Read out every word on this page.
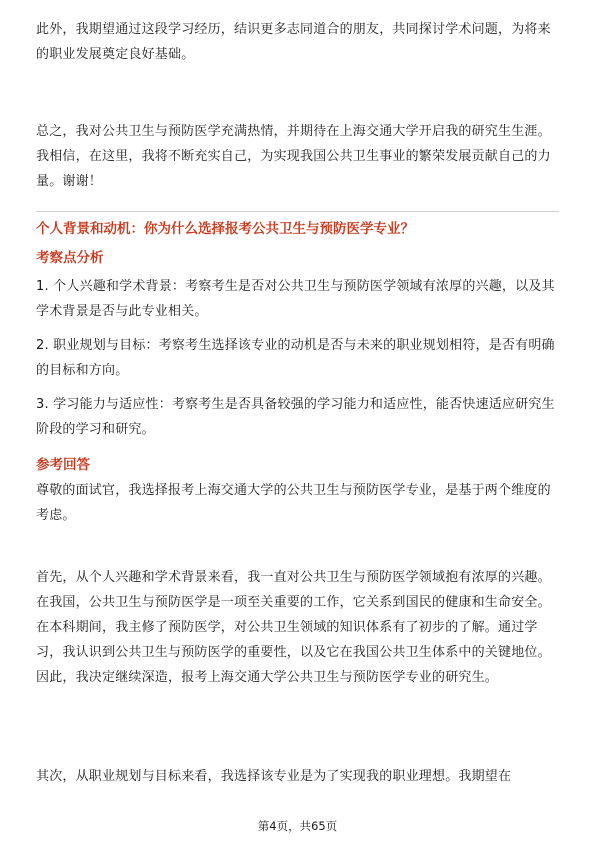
此外，我期望通过这段学习经历，结识更多志同道合的朋友，共同探讨学术问题，为将来的职业发展奠定良好基础。

总之，我对公共卫生与预防医学充满热情，并期待在上海交通大学开启我的研究生生涯。我相信，在这里，我将不断充实自己，为实现我国公共卫生事业的繁荣发展贡献自己的力量。谢谢！

个人背景和动机：你为什么选择报考公共卫生与预防医学专业？

考察点分析

1. 个人兴趣和学术背景：考察考生是否对公共卫生与预防医学领域有浓厚的兴趣，以及其学术背景是否与此专业相关。

2. 职业规划与目标：考察考生选择该专业的动机是否与未来的职业规划相符，是否有明确的目标和方向。

3. 学习能力与适应性：考察考生是否具备较强的学习能力和适应性，能否快速适应研究生阶段的学习和研究。

参考回答

尊敬的面试官，我选择报考上海交通大学的公共卫生与预防医学专业，是基于两个维度的考虑。

首先，从个人兴趣和学术背景来看，我一直对公共卫生与预防医学领域抱有浓厚的兴趣。在我国，公共卫生与预防医学是一项至关重要的工作，它关系到国民的健康和生命安全。在本科期间，我主修了预防医学，对公共卫生领域的知识体系有了初步的了解。通过学习，我认识到公共卫生与预防医学的重要性，以及它在我国公共卫生体系中的关键地位。因此，我决定继续深造，报考上海交通大学公共卫生与预防医学专业的研究生。

其次，从职业规划与目标来看，我选择该专业是为了实现我的职业理想。我期望在

第4页，共65页
